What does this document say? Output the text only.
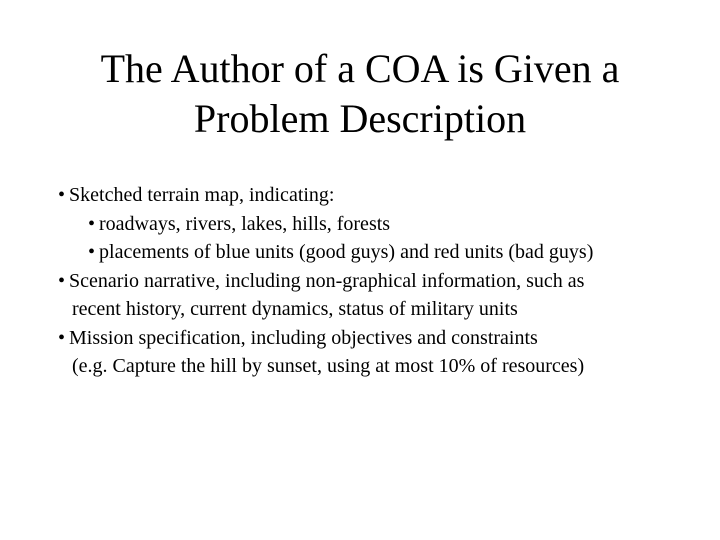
The Author of a COA is Given a
Problem Description
• Sketched terrain map, indicating:
• roadways, rivers, lakes, hills, forests
• placements of blue units (good guys) and red units (bad guys)
• Scenario narrative, including non-graphical information, such as
recent history, current dynamics, status of military units
• Mission specification, including objectives and constraints
(e.g. Capture the hill by sunset, using at most 10% of resources)
